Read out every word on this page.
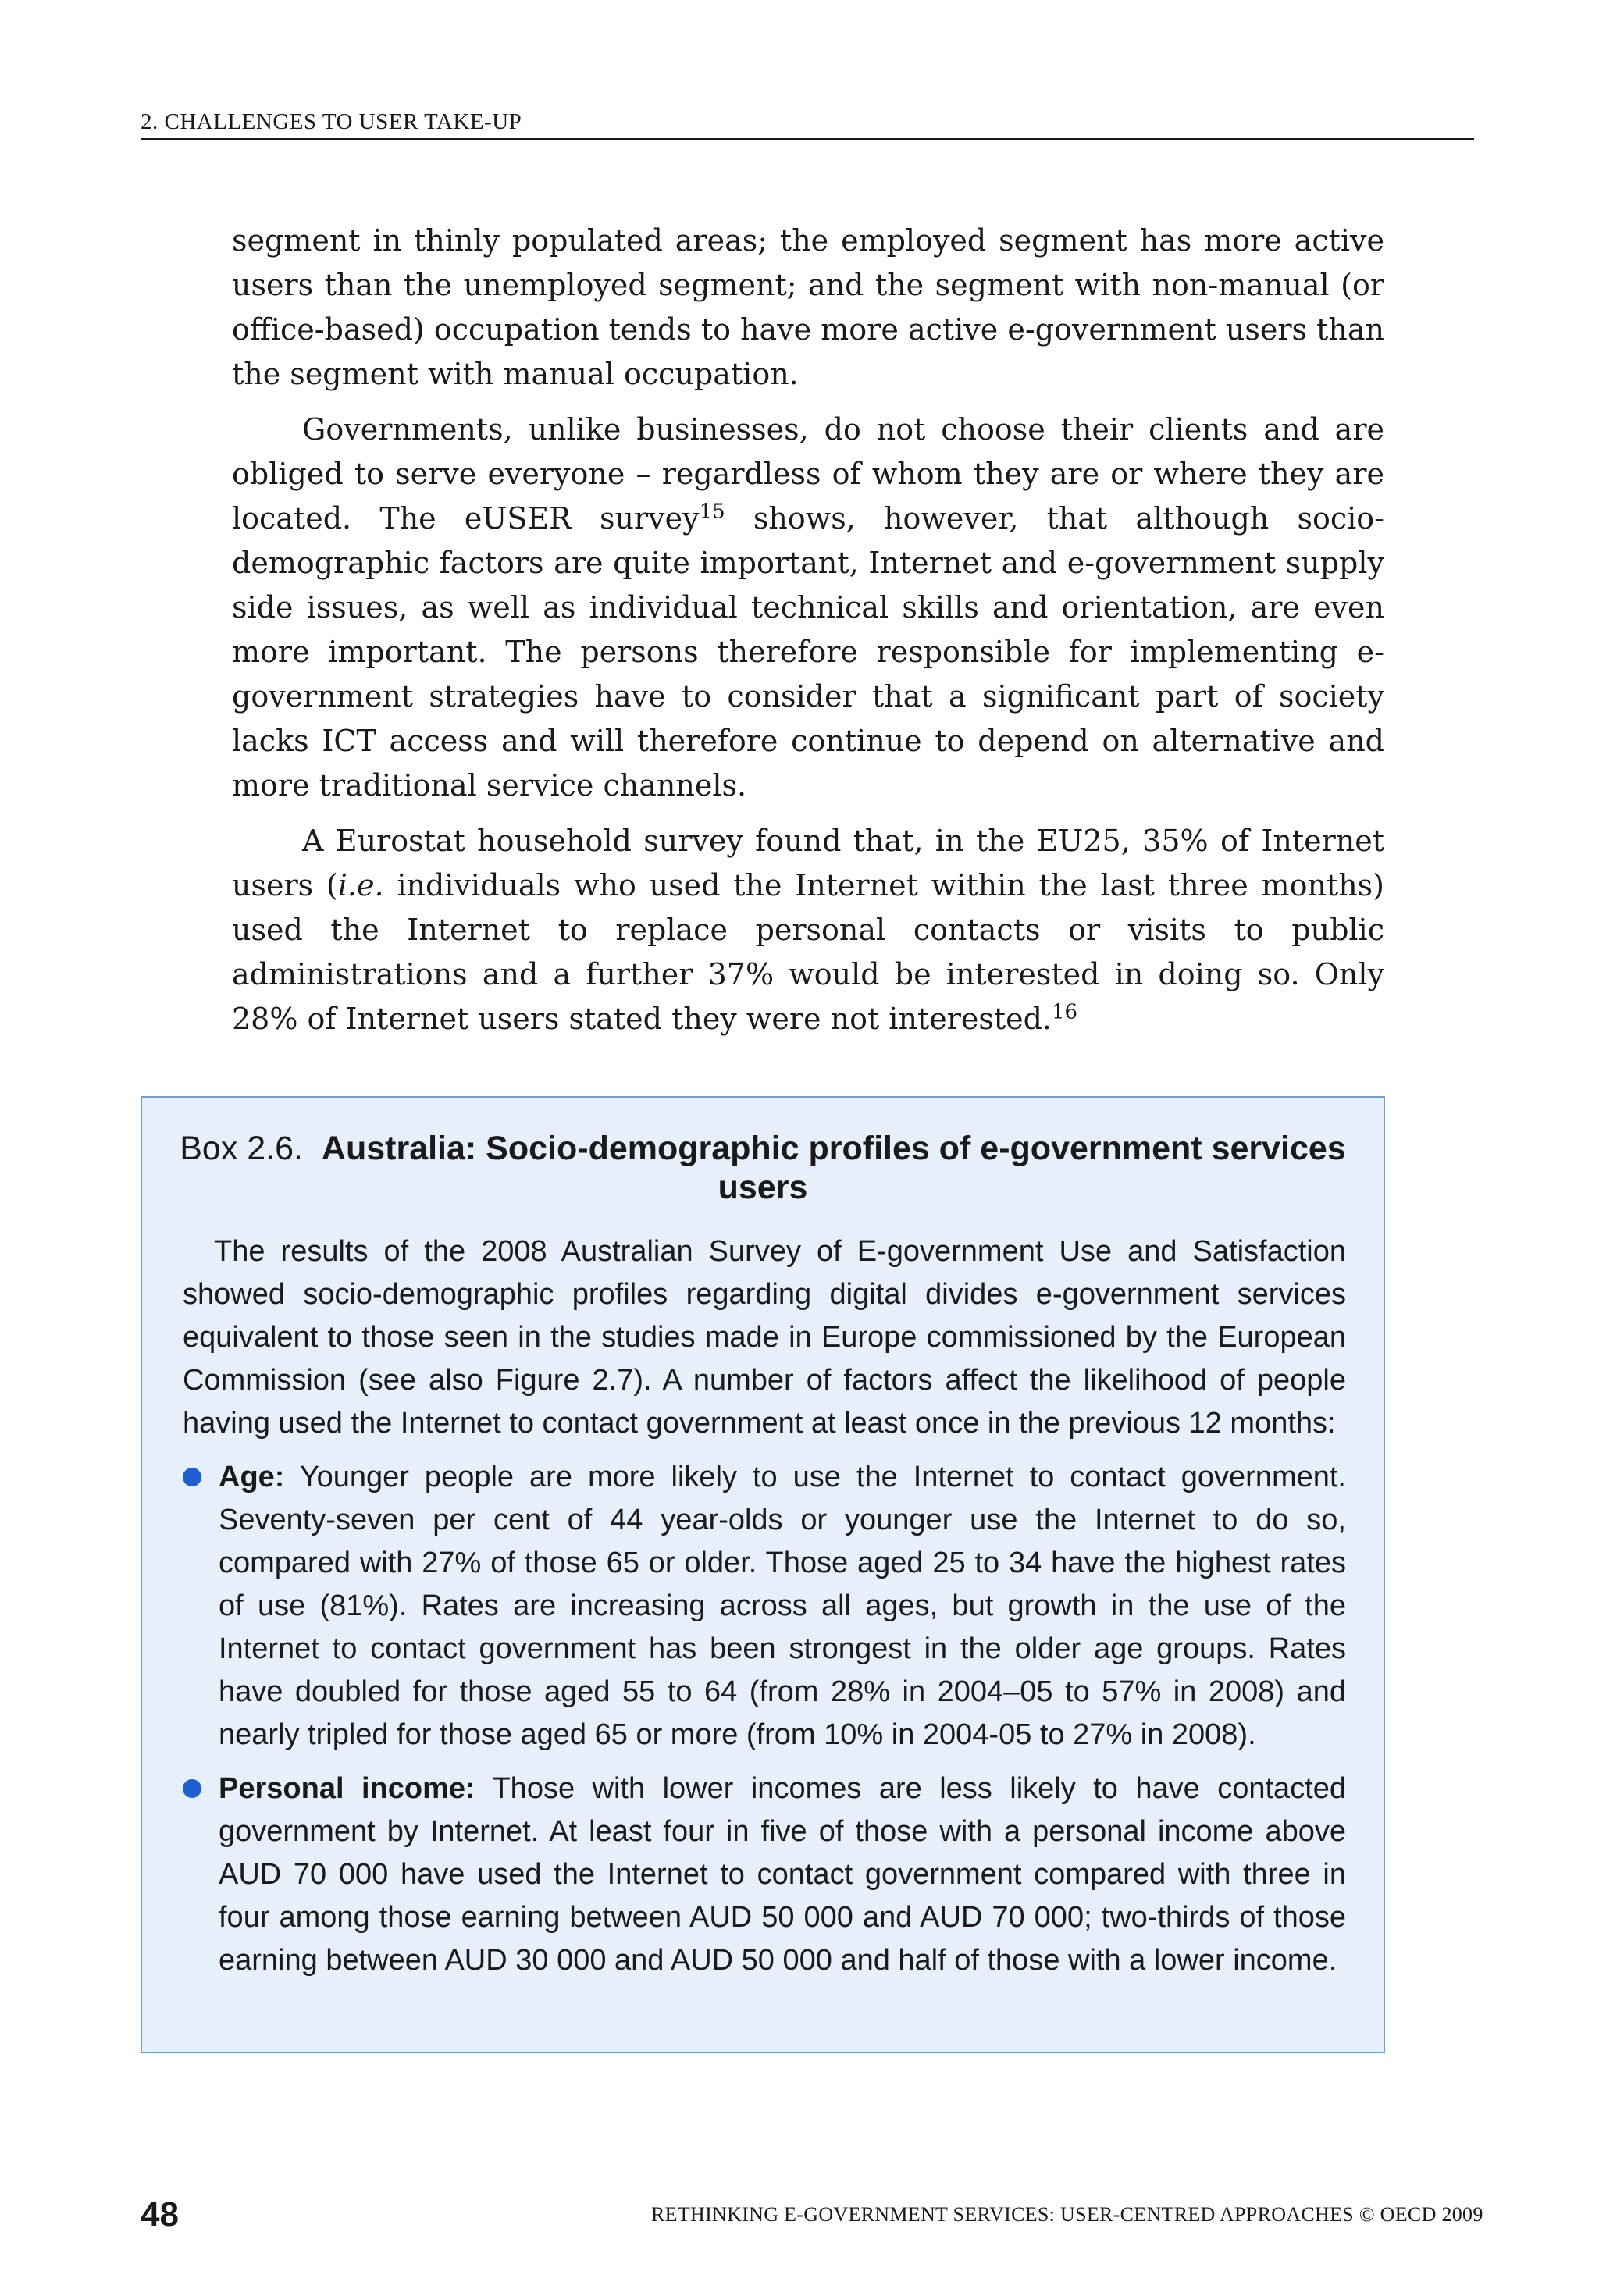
2. CHALLENGES TO USER TAKE-UP

segment in thinly populated areas; the employed segment has more active users than the unemployed segment; and the segment with non-manual (or office-based) occupation tends to have more active e-government users than the segment with manual occupation.

Governments, unlike businesses, do not choose their clients and are obliged to serve everyone – regardless of whom they are or where they are located. The eUSER survey$^{15}$ shows, however, that although socio-demographic factors are quite important, Internet and e-government supply side issues, as well as individual technical skills and orientation, are even more important. The persons therefore responsible for implementing e-government strategies have to consider that a significant part of society lacks ICT access and will therefore continue to depend on alternative and more traditional service channels.

A Eurostat household survey found that, in the EU25, 35% of Internet users (i.e. individuals who used the Internet within the last three months) used the Internet to replace personal contacts or visits to public administrations and a further 37% would be interested in doing so. Only 28% of Internet users stated they were not interested.$^{16}$

Box 2.6. Australia: Socio-demographic profiles of e-government services users

The results of the 2008 Australian Survey of E-government Use and Satisfaction showed socio-demographic profiles regarding digital divides e-government services equivalent to those seen in the studies made in Europe commissioned by the European Commission (see also Figure 2.7). A number of factors affect the likelihood of people having used the Internet to contact government at least once in the previous 12 months:

Age: Younger people are more likely to use the Internet to contact government. Seventy-seven per cent of 44 year-olds or younger use the Internet to do so, compared with 27% of those 65 or older. Those aged 25 to 34 have the highest rates of use (81%). Rates are increasing across all ages, but growth in the use of the Internet to contact government has been strongest in the older age groups. Rates have doubled for those aged 55 to 64 (from 28% in 2004–05 to 57% in 2008) and nearly tripled for those aged 65 or more (from 10% in 2004-05 to 27% in 2008).
Personal income: Those with lower incomes are less likely to have contacted government by Internet. At least four in five of those with a personal income above AUD 70 000 have used the Internet to contact government compared with three in four among those earning between AUD 50 000 and AUD 70 000; two-thirds of those earning between AUD 30 000 and AUD 50 000 and half of those with a lower income.
48	RETHINKING E-GOVERNMENT SERVICES: USER-CENTRED APPROACHES © OECD 2009
